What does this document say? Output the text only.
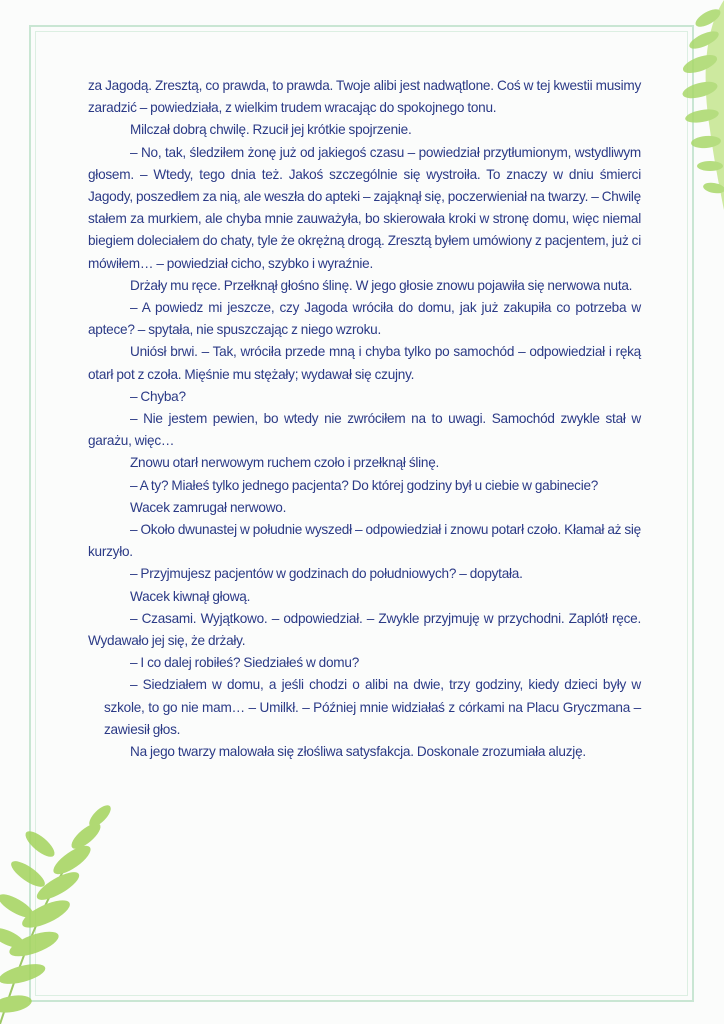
za Jagodą. Zresztą, co prawda, to prawda. Twoje alibi jest nadwątlone. Coś w tej kwestii musimy zaradzić – powiedziała, z wielkim trudem wracając do spokojnego tonu.

Milczał dobrą chwilę. Rzucił jej krótkie spojrzenie.

– No, tak, śledziłem żonę już od jakiegoś czasu – powiedział przytłumionym, wstydliwym głosem. – Wtedy, tego dnia też. Jakoś szczególnie się wystroiła. To znaczy w dniu śmierci Jagody, poszedłem za nią, ale weszła do apteki – zająknął się, poczerwieniał na twarzy. – Chwilę stałem za murkiem, ale chyba mnie zauważyła, bo skierowała kroki w stronę domu, więc niemal biegiem doleciałem do chaty, tyle że okrężną drogą. Zresztą byłem umówiony z pacjentem, już ci mówiłem… – powiedział cicho, szybko i wyraźnie.

Drżały mu ręce. Przełknął głośno ślinę. W jego głosie znowu pojawiła się nerwowa nuta.

– A powiedz mi jeszcze, czy Jagoda wróciła do domu, jak już zakupiła co potrzeba w aptece? – spytała, nie spuszczając z niego wzroku.

Uniósł brwi. – Tak, wróciła przede mną i chyba tylko po samochód – odpowiedział i ręką otarł pot z czoła. Mięśnie mu stężały; wydawał się czujny.

– Chyba?

– Nie jestem pewien, bo wtedy nie zwróciłem na to uwagi. Samochód zwykle stał w garażu, więc…

Znowu otarł nerwowym ruchem czoło i przełknął ślinę.

– A ty? Miałeś tylko jednego pacjenta? Do której godziny był u ciebie w gabinecie?

Wacek zamrugał nerwowo.

– Około dwunastej w południe wyszedł – odpowiedział i znowu potarł czoło. Kłamał aż się kurzyło.

– Przyjmujesz pacjentów w godzinach do południowych? – dopytała.

Wacek kiwnął głową.

– Czasami. Wyjątkowo. – odpowiedział. – Zwykle przyjmuję w przychodni. Zaplótł ręce. Wydawało jej się, że drżały.

– I co dalej robiłeś? Siedziałeś w domu?

– Siedziałem w domu, a jeśli chodzi o alibi na dwie, trzy godziny, kiedy dzieci były w szkole, to go nie mam… – Umilkł. – Później mnie widziałaś z córkami na Placu Gryczmana – zawiesił głos.

Na jego twarzy malowała się złośliwa satysfakcja. Doskonale zrozumiała aluzję.
